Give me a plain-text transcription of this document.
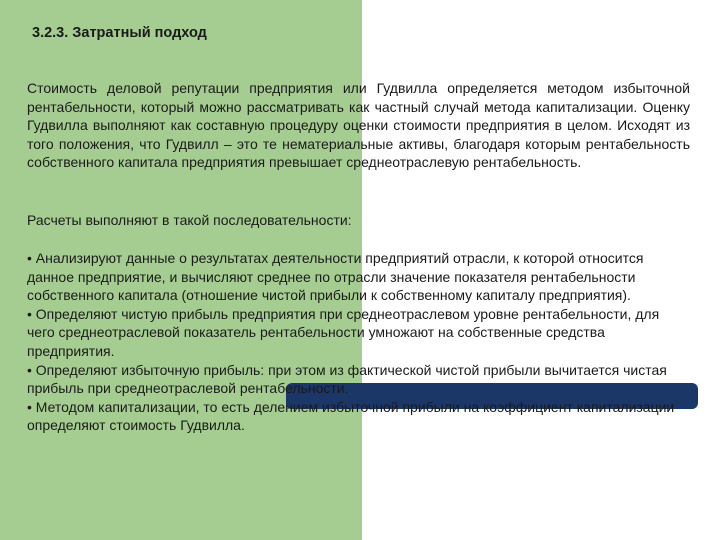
3.2.3. Затратный подход

Стоимость деловой репутации предприятия или Гудвилла определяется методом избыточной рентабельности, который можно рассматривать как частный случай метода капитализации. Оценку Гудвилла выполняют как составную процедуру оценки стоимости предприятия в целом. Исходят из того положения, что Гудвилл – это те нематериальные активы, благодаря которым рентабельность собственного капитала предприятия превышает среднеотраслевую рентабельность.

Расчеты выполняют в такой последовательности:

• Анализируют данные о результатах деятельности предприятий отрасли, к которой относится данное предприятие, и вычисляют среднее по отрасли значение показателя рентабельности собственного капитала (отношение чистой прибыли к собственному капиталу предприятия).
• Определяют чистую прибыль предприятия при среднеотраслевом уровне рентабельности, для чего среднеотраслевой показатель рентабельности умножают на собственные средства предприятия.
• Определяют избыточную прибыль: при этом из фактической чистой прибыли вычитается чистая прибыль при среднеотраслевой рентабельности.
• Методом капитализации, то есть делением избыточной прибыли на коэффициент капитализации определяют стоимость Гудвилла.
